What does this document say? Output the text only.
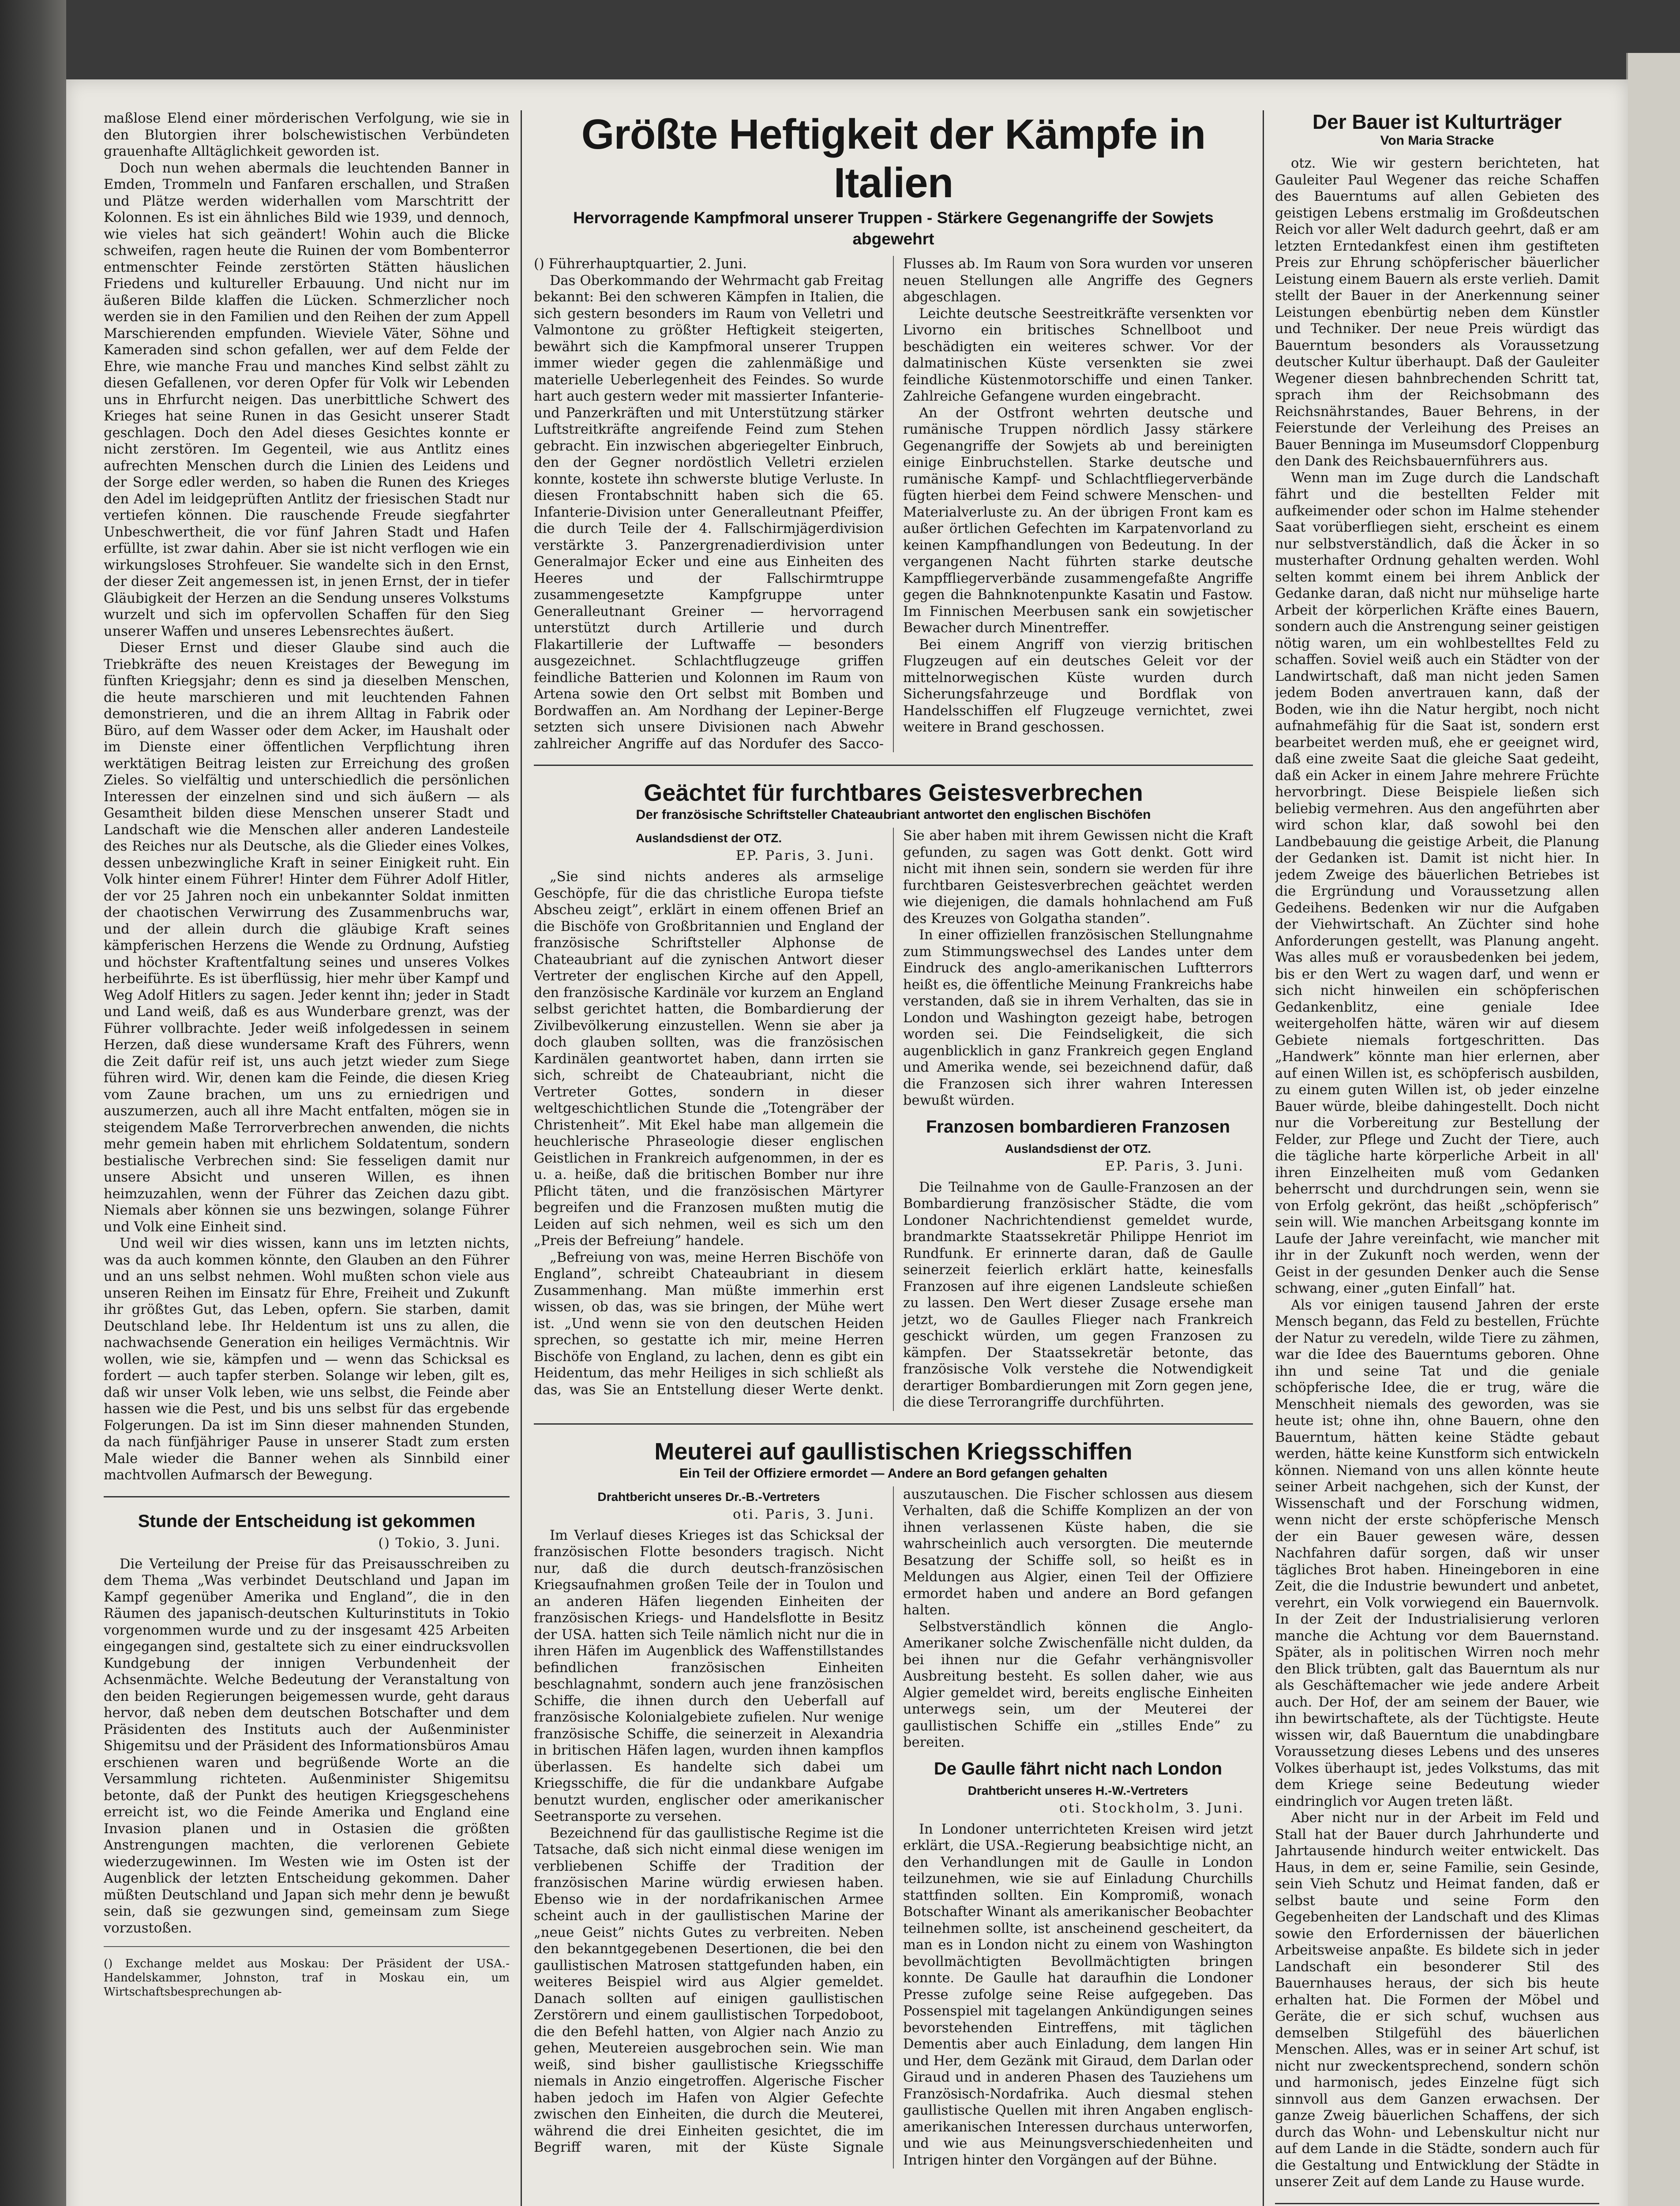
maßlose Elend einer mörderischen Verfolgung, wie sie in den Blutorgien ihrer bolschewistischen Verbündeten grauenhafte Alltäglichkeit geworden ist.

Doch nun wehen abermals die leuchtenden Banner in Emden, Trommeln und Fanfaren erschallen, und Straßen und Plätze werden widerhallen vom Marschtritt der Kolonnen. Es ist ein ähnliches Bild wie 1939, und dennoch, wie vieles hat sich geändert! Wohin auch die Blicke schweifen, ragen heute die Ruinen der vom Bombenterror entmenschter Feinde zerstörten Stätten häuslichen Friedens und kultureller Erbauung. Und nicht nur im äußeren Bilde klaffen die Lücken. Schmerzlicher noch werden sie in den Familien und den Reihen der zum Appell Marschierenden empfunden. Wieviele Väter, Söhne und Kameraden sind schon gefallen, wer auf dem Felde der Ehre, wie manche Frau und manches Kind selbst zählt zu diesen Gefallenen, vor deren Opfer für Volk wir Lebenden uns in Ehrfurcht neigen. Das unerbittliche Schwert des Krieges hat seine Runen in das Gesicht unserer Stadt geschlagen. Doch den Adel dieses Gesichtes konnte er nicht zerstören. Im Gegenteil, wie aus Antlitz eines aufrechten Menschen durch die Linien des Leidens und der Sorge edler werden, so haben die Runen des Krieges den Adel im leidgeprüften Antlitz der friesischen Stadt nur vertiefen können. Die rauschende Freude siegfahrter Unbeschwertheit, die vor fünf Jahren Stadt und Hafen erfüllte, ist zwar dahin. Aber sie ist nicht verflogen wie ein wirkungsloses Strohfeuer. Sie wandelte sich in den Ernst, der dieser Zeit angemessen ist, in jenen Ernst, der in tiefer Gläubigkeit der Herzen an die Sendung unseres Volkstums wurzelt und sich im opfervollen Schaffen für den Sieg unserer Waffen und unseres Lebensrechtes äußert.

Dieser Ernst und dieser Glaube sind auch die Triebkräfte des neuen Kreistages der Bewegung im fünften Kriegsjahr; denn es sind ja dieselben Menschen, die heute marschieren und mit leuchtenden Fahnen demonstrieren, und die an ihrem Alltag in Fabrik oder Büro, auf dem Wasser oder dem Acker, im Haushalt oder im Dienste einer öffentlichen Verpflichtung ihren werktätigen Beitrag leisten zur Erreichung des großen Zieles. So vielfältig und unterschiedlich die persönlichen Interessen der einzelnen sind und sich äußern — als Gesamtheit bilden diese Menschen unserer Stadt und Landschaft wie die Menschen aller anderen Landesteile des Reiches nur als Deutsche, als die Glieder eines Volkes, dessen unbezwingliche Kraft in seiner Einigkeit ruht. Ein Volk hinter einem Führer! Hinter dem Führer Adolf Hitler, der vor 25 Jahren noch ein unbekannter Soldat inmitten der chaotischen Verwirrung des Zusammenbruchs war, und der allein durch die gläubige Kraft seines kämpferischen Herzens die Wende zu Ordnung, Aufstieg und höchster Kraftentfaltung seines und unseres Volkes herbeiführte. Es ist überflüssig, hier mehr über Kampf und Weg Adolf Hitlers zu sagen. Jeder kennt ihn; jeder in Stadt und Land weiß, daß es aus Wunderbare grenzt, was der Führer vollbrachte. Jeder weiß infolgedessen in seinem Herzen, daß diese wundersame Kraft des Führers, wenn die Zeit dafür reif ist, uns auch jetzt wieder zum Siege führen wird. Wir, denen kam die Feinde, die diesen Krieg vom Zaune brachen, um uns zu erniedrigen und auszumerzen, auch all ihre Macht entfalten, mögen sie in steigendem Maße Terrorverbrechen anwenden, die nichts mehr gemein haben mit ehrlichem Soldatentum, sondern bestialische Verbrechen sind: Sie fesseligen damit nur unsere Absicht und unseren Willen, es ihnen heimzuzahlen, wenn der Führer das Zeichen dazu gibt. Niemals aber können sie uns bezwingen, solange Führer und Volk eine Einheit sind.

Und weil wir dies wissen, kann uns im letzten nichts, was da auch kommen könnte, den Glauben an den Führer und an uns selbst nehmen. Wohl mußten schon viele aus unseren Reihen im Einsatz für Ehre, Freiheit und Zukunft ihr größtes Gut, das Leben, opfern. Sie starben, damit Deutschland lebe. Ihr Heldentum ist uns zu allen, die nachwachsende Generation ein heiliges Vermächtnis. Wir wollen, wie sie, kämpfen und — wenn das Schicksal es fordert — auch tapfer sterben. Solange wir leben, gilt es, daß wir unser Volk leben, wie uns selbst, die Feinde aber hassen wie die Pest, und bis uns selbst für das ergebende Folgerungen. Da ist im Sinn dieser mahnenden Stunden, da nach fünfjähriger Pause in unserer Stadt zum ersten Male wieder die Banner wehen als Sinnbild einer machtvollen Aufmarsch der Bewegung.

Stunde der Entscheidung ist gekommen
() Tokio, 3. Juni.

Die Verteilung der Preise für das Preisausschreiben zu dem Thema „Was verbindet Deutschland und Japan im Kampf gegenüber Amerika und England”, die in den Räumen des japanisch-deutschen Kulturinstituts in Tokio vorgenommen wurde und zu der insgesamt 425 Arbeiten eingegangen sind, gestaltete sich zu einer eindrucksvollen Kundgebung der innigen Verbundenheit der Achsenmächte. Welche Bedeutung der Veranstaltung von den beiden Regierungen beigemessen wurde, geht daraus hervor, daß neben dem deutschen Botschafter und dem Präsidenten des Instituts auch der Außenminister Shigemitsu und der Präsident des Informationsbüros Amau erschienen waren und begrüßende Worte an die Versammlung richteten. Außenminister Shigemitsu betonte, daß der Punkt des heutigen Kriegsgeschehens erreicht ist, wo die Feinde Amerika und England eine Invasion planen und in Ostasien die größten Anstrengungen machten, die verlorenen Gebiete wiederzugewinnen. Im Westen wie im Osten ist der Augenblick der letzten Entscheidung gekommen. Daher müßten Deutschland und Japan sich mehr denn je bewußt sein, daß sie gezwungen sind, gemeinsam zum Siege vorzustoßen.

() Exchange meldet aus Moskau: Der Präsident der USA.-Handelskammer, Johnston, traf in Moskau ein, um Wirtschaftsbesprechungen ab-

Größte Heftigkeit der Kämpfe in Italien
Hervorragende Kampfmoral unserer Truppen - Stärkere Gegenangriffe der Sowjets abgewehrt

() Führerhauptquartier, 2. Juni.

Das Oberkommando der Wehrmacht gab Freitag bekannt: Bei den schweren Kämpfen in Italien, die sich gestern besonders im Raum von Velletri und Valmontone zu größter Heftigkeit steigerten, bewährt sich die Kampfmoral unserer Truppen immer wieder gegen die zahlenmäßige und materielle Ueberlegenheit des Feindes. So wurde hart auch gestern weder mit massierter Infanterie- und Panzerkräften und mit Unterstützung stärker Luftstreitkräfte angreifende Feind zum Stehen gebracht. Ein inzwischen abgeriegelter Einbruch, den der Gegner nordöstlich Velletri erzielen konnte, kostete ihn schwerste blutige Verluste. In diesen Frontabschnitt haben sich die 65. Infanterie-Division unter Generalleutnant Pfeiffer, die durch Teile der 4. Fallschirmjägerdivision verstärkte 3. Panzergrenadierdivision unter Generalmajor Ecker und eine aus Einheiten des Heeres und der Fallschirmtruppe zusammengesetzte Kampfgruppe unter Generalleutnant Greiner — hervorragend unterstützt durch Artillerie und durch Flakartillerie der Luftwaffe — besonders ausgezeichnet. Schlachtflugzeuge griffen feindliche Batterien und Kolonnen im Raum von Artena sowie den Ort selbst mit Bomben und Bordwaffen an. Am Nordhang der Lepiner-Berge setzten sich unsere Divisionen nach Abwehr zahlreicher Angriffe auf das Nordufer des Sacco-Flusses ab. Im Raum von Sora wurden vor unseren neuen Stellungen alle Angriffe des Gegners abgeschlagen.

Leichte deutsche Seestreitkräfte versenkten vor Livorno ein britisches Schnellboot und beschädigten ein weiteres schwer. Vor der dalmatinischen Küste versenkten sie zwei feindliche Küstenmotorschiffe und einen Tanker. Zahlreiche Gefangene wurden eingebracht.

An der Ostfront wehrten deutsche und rumänische Truppen nördlich Jassy stärkere Gegenangriffe der Sowjets ab und bereinigten einige Einbruchstellen. Starke deutsche und rumänische Kampf- und Schlachtfliegerverbände fügten hierbei dem Feind schwere Menschen- und Materialverluste zu. An der übrigen Front kam es außer örtlichen Gefechten im Karpatenvorland zu keinen Kampfhandlungen von Bedeutung. In der vergangenen Nacht führten starke deutsche Kampffliegerverbände zusammengefaßte Angriffe gegen die Bahnknotenpunkte Kasatin und Fastow. Im Finnischen Meerbusen sank ein sowjetischer Bewacher durch Minentreffer.

Bei einem Angriff von vierzig britischen Flugzeugen auf ein deutsches Geleit vor der mittelnorwegischen Küste wurden durch Sicherungsfahrzeuge und Bordflak von Handelsschiffen elf Flugzeuge vernichtet, zwei weitere in Brand geschossen.

Geächtet für furchtbares Geistesverbrechen
Der französische Schriftsteller Chateaubriant antwortet den englischen Bischöfen
Auslandsdienst der OTZ.
EP. Paris, 3. Juni.

„Sie sind nichts anderes als armselige Geschöpfe, für die das christliche Europa tiefste Abscheu zeigt”, erklärt in einem offenen Brief an die Bischöfe von Großbritannien und England der französische Schriftsteller Alphonse de Chateaubriant auf die zynischen Antwort dieser Vertreter der englischen Kirche auf den Appell, den französische Kardinäle vor kurzem an England selbst gerichtet hatten, die Bombardierung der Zivilbevölkerung einzustellen. Wenn sie aber ja doch glauben sollten, was die französischen Kardinälen geantwortet haben, dann irrten sie sich, schreibt de Chateaubriant, nicht die Vertreter Gottes, sondern in dieser weltgeschichtlichen Stunde die „Totengräber der Christenheit”. Mit Ekel habe man allgemein die heuchlerische Phraseologie dieser englischen Geistlichen in Frankreich aufgenommen, in der es u. a. heiße, daß die britischen Bomber nur ihre Pflicht täten, und die französischen Märtyrer begreifen und die Franzosen mußten mutig die Leiden auf sich nehmen, weil es sich um den „Preis der Befreiung” handele.

„Befreiung von was, meine Herren Bischöfe von England”, schreibt Chateaubriant in diesem Zusammenhang. Man müßte immerhin erst wissen, ob das, was sie bringen, der Mühe wert ist. „Und wenn sie von den deutschen Heiden sprechen, so gestatte ich mir, meine Herren Bischöfe von England, zu lachen, denn es gibt ein Heidentum, das mehr Heiliges in sich schließt als das, was Sie an Entstellung dieser Werte denkt. Sie aber haben mit ihrem Gewissen nicht die Kraft gefunden, zu sagen was Gott denkt. Gott wird nicht mit ihnen sein, sondern sie werden für ihre furchtbaren Geistesverbrechen geächtet werden wie diejenigen, die damals hohnlachend am Fuß des Kreuzes von Golgatha standen”.

In einer offiziellen französischen Stellungnahme zum Stimmungswechsel des Landes unter dem Eindruck des anglo-amerikanischen Luftterrors heißt es, die öffentliche Meinung Frankreichs habe verstanden, daß sie in ihrem Verhalten, das sie in London und Washington gezeigt habe, betrogen worden sei. Die Feindseligkeit, die sich augenblicklich in ganz Frankreich gegen England und Amerika wende, sei bezeichnend dafür, daß die Franzosen sich ihrer wahren Interessen bewußt würden.

Franzosen bombardieren Franzosen
Auslandsdienst der OTZ.
EP. Paris, 3. Juni.

Die Teilnahme von de Gaulle-Franzosen an der Bombardierung französischer Städte, die vom Londoner Nachrichtendienst gemeldet wurde, brandmarkte Staatssekretär Philippe Henriot im Rundfunk. Er erinnerte daran, daß de Gaulle seinerzeit feierlich erklärt hatte, keinesfalls Franzosen auf ihre eigenen Landsleute schießen zu lassen. Den Wert dieser Zusage ersehe man jetzt, wo de Gaulles Flieger nach Frankreich geschickt würden, um gegen Franzosen zu kämpfen. Der Staatssekretär betonte, das französische Volk verstehe die Notwendigkeit derartiger Bombardierungen mit Zorn gegen jene, die diese Terrorangriffe durchführten.

Meuterei auf gaullistischen Kriegsschiffen
Ein Teil der Offiziere ermordet — Andere an Bord gefangen gehalten
Drahtbericht unseres Dr.-B.-Vertreters
oti. Paris, 3. Juni.

Im Verlauf dieses Krieges ist das Schicksal der französischen Flotte besonders tragisch. Nicht nur, daß die durch deutsch-französischen Kriegsaufnahmen großen Teile der in Toulon und an anderen Häfen liegenden Einheiten der französischen Kriegs- und Handelsflotte in Besitz der USA. hatten sich Teile nämlich nicht nur die in ihren Häfen im Augenblick des Waffenstillstandes befindlichen französischen Einheiten beschlagnahmt, sondern auch jene französischen Schiffe, die ihnen durch den Ueberfall auf französische Kolonialgebiete zufielen. Nur wenige französische Schiffe, die seinerzeit in Alexandria in britischen Häfen lagen, wurden ihnen kampflos überlassen. Es handelte sich dabei um Kriegsschiffe, die für die undankbare Aufgabe benutzt wurden, englischer oder amerikanischer Seetransporte zu versehen.

Bezeichnend für das gaullistische Regime ist die Tatsache, daß sich nicht einmal diese wenigen im verbliebenen Schiffe der Tradition der französischen Marine würdig erwiesen haben. Ebenso wie in der nordafrikanischen Armee scheint auch in der gaullistischen Marine der „neue Geist” nichts Gutes zu verbreiten. Neben den bekanntgegebenen Desertionen, die bei den gaullistischen Matrosen stattgefunden haben, ein weiteres Beispiel wird aus Algier gemeldet. Danach sollten auf einigen gaullistischen Zerstörern und einem gaullistischen Torpedoboot, die den Befehl hatten, von Algier nach Anzio zu gehen, Meutereien ausgebrochen sein. Wie man weiß, sind bisher gaullistische Kriegsschiffe niemals in Anzio eingetroffen. Algerische Fischer haben jedoch im Hafen von Algier Gefechte zwischen den Einheiten, die durch die Meuterei, während die drei Einheiten gesichtet, die im Begriff waren, mit der Küste Signale auszutauschen. Die Fischer schlossen aus diesem Verhalten, daß die Schiffe Komplizen an der von ihnen verlassenen Küste haben, die sie wahrscheinlich auch versorgten. Die meuternde Besatzung der Schiffe soll, so heißt es in Meldungen aus Algier, einen Teil der Offiziere ermordet haben und andere an Bord gefangen halten.

Selbstverständlich können die Anglo-Amerikaner solche Zwischenfälle nicht dulden, da bei ihnen nur die Gefahr verhängnisvoller Ausbreitung besteht. Es sollen daher, wie aus Algier gemeldet wird, bereits englische Einheiten unterwegs sein, um der Meuterei der gaullistischen Schiffe ein „stilles Ende” zu bereiten.

De Gaulle fährt nicht nach London
Drahtbericht unseres H.-W.-Vertreters
oti. Stockholm, 3. Juni.

In Londoner unterrichteten Kreisen wird jetzt erklärt, die USA.-Regierung beabsichtige nicht, an den Verhandlungen mit de Gaulle in London teilzunehmen, wie sie auf Einladung Churchills stattfinden sollten. Ein Kompromiß, wonach Botschafter Winant als amerikanischer Beobachter teilnehmen sollte, ist anscheinend gescheitert, da man es in London nicht zu einem von Washington bevollmächtigten Bevollmächtigten bringen konnte. De Gaulle hat daraufhin die Londoner Presse zufolge seine Reise aufgegeben. Das Possenspiel mit tagelangen Ankündigungen seines bevorstehenden Eintreffens, mit täglichen Dementis aber auch Einladung, dem langen Hin und Her, dem Gezänk mit Giraud, dem Darlan oder Giraud und in anderen Phasen des Tauziehens um Französisch-Nordafrika. Auch diesmal stehen gaullistische Quellen mit ihren Angaben englisch-amerikanischen Interessen durchaus unterworfen, und wie aus Meinungsverschiedenheiten und Intrigen hinter den Vorgängen auf der Bühne.

Der Bauer ist Kulturträger
Von Maria Stracke

otz. Wie wir gestern berichteten, hat Gauleiter Paul Wegener das reiche Schaffen des Bauerntums auf allen Gebieten des geistigen Lebens erstmalig im Großdeutschen Reich vor aller Welt dadurch geehrt, daß er am letzten Erntedankfest einen ihm gestifteten Preis zur Ehrung schöpferischer bäuerlicher Leistung einem Bauern als erste verlieh. Damit stellt der Bauer in der Anerkennung seiner Leistungen ebenbürtig neben dem Künstler und Techniker. Der neue Preis würdigt das Bauerntum besonders als Voraussetzung deutscher Kultur überhaupt. Daß der Gauleiter Wegener diesen bahnbrechenden Schritt tat, sprach ihm der Reichsobmann des Reichsnährstandes, Bauer Behrens, in der Feierstunde der Verleihung des Preises an Bauer Benninga im Museumsdorf Cloppenburg den Dank des Reichsbauernführers aus.

Wenn man im Zuge durch die Landschaft fährt und die bestellten Felder mit aufkeimender oder schon im Halme stehender Saat vorüberfliegen sieht, erscheint es einem nur selbstverständlich, daß die Äcker in so musterhafter Ordnung gehalten werden. Wohl selten kommt einem bei ihrem Anblick der Gedanke daran, daß nicht nur mühselige harte Arbeit der körperlichen Kräfte eines Bauern, sondern auch die Anstrengung seiner geistigen nötig waren, um ein wohlbestelltes Feld zu schaffen. Soviel weiß auch ein Städter von der Landwirtschaft, daß man nicht jeden Samen jedem Boden anvertrauen kann, daß der Boden, wie ihn die Natur hergibt, noch nicht aufnahmefähig für die Saat ist, sondern erst bearbeitet werden muß, ehe er geeignet wird, daß eine zweite Saat die gleiche Saat gedeiht, daß ein Acker in einem Jahre mehrere Früchte hervorbringt. Diese Beispiele ließen sich beliebig vermehren. Aus den angeführten aber wird schon klar, daß sowohl bei den Landbebauung die geistige Arbeit, die Planung der Gedanken ist. Damit ist nicht hier. In jedem Zweige des bäuerlichen Betriebes ist die Ergründung und Voraussetzung allen Gedeihens. Bedenken wir nur die Aufgaben der Viehwirtschaft. An Züchter sind hohe Anforderungen gestellt, was Planung angeht. Was alles muß er vorausbedenken bei jedem, bis er den Wert zu wagen darf, und wenn er sich nicht hinweilen ein schöpferischen Gedankenblitz, eine geniale Idee weitergeholfen hätte, wären wir auf diesem Gebiete niemals fortgeschritten. Das „Handwerk” könnte man hier erlernen, aber auf einen Willen ist, es schöpferisch ausbilden, zu einem guten Willen ist, ob jeder einzelne Bauer würde, bleibe dahingestellt. Doch nicht nur die Vorbereitung zur Bestellung der Felder, zur Pflege und Zucht der Tiere, auch die tägliche harte körperliche Arbeit in all' ihren Einzelheiten muß vom Gedanken beherrscht und durchdrungen sein, wenn sie von Erfolg gekrönt, das heißt „schöpferisch” sein will. Wie manchen Arbeitsgang konnte im Laufe der Jahre vereinfacht, wie mancher mit ihr in der Zukunft noch werden, wenn der Geist in der gesunden Denker auch die Sense schwang, einer „guten Einfall” hat.

Als vor einigen tausend Jahren der erste Mensch begann, das Feld zu bestellen, Früchte der Natur zu veredeln, wilde Tiere zu zähmen, war die Idee des Bauerntums geboren. Ohne ihn und seine Tat und die geniale schöpferische Idee, die er trug, wäre die Menschheit niemals des geworden, was sie heute ist; ohne ihn, ohne Bauern, ohne den Bauerntum, hätten keine Städte gebaut werden, hätte keine Kunstform sich entwickeln können. Niemand von uns allen könnte heute seiner Arbeit nachgehen, sich der Kunst, der Wissenschaft und der Forschung widmen, wenn nicht der erste schöpferische Mensch der ein Bauer gewesen wäre, dessen Nachfahren dafür sorgen, daß wir unser tägliches Brot haben. Hineingeboren in eine Zeit, die die Industrie bewundert und anbetet, verehrt, ein Volk vorwiegend ein Bauernvolk. In der Zeit der Industrialisierung verloren manche die Achtung vor dem Bauernstand. Später, als in politischen Wirren noch mehr den Blick trübten, galt das Bauerntum als nur als Geschäftemacher wie jede andere Arbeit auch. Der Hof, der am seinem der Bauer, wie ihn bewirtschaftete, als der Tüchtigste. Heute wissen wir, daß Bauerntum die unabdingbare Voraussetzung dieses Lebens und des unseres Volkes überhaupt ist, jedes Volkstums, das mit dem Kriege seine Bedeutung wieder eindringlich vor Augen treten läßt.

Aber nicht nur in der Arbeit im Feld und Stall hat der Bauer durch Jahrhunderte und Jahrtausende hindurch weiter entwickelt. Das Haus, in dem er, seine Familie, sein Gesinde, sein Vieh Schutz und Heimat fanden, daß er selbst baute und seine Form den Gegebenheiten der Landschaft und des Klimas sowie den Erfordernissen der bäuerlichen Arbeitsweise anpaßte. Es bildete sich in jeder Landschaft ein besonderer Stil des Bauernhauses heraus, der sich bis heute erhalten hat. Die Formen der Möbel und Geräte, die er sich schuf, wuchsen aus demselben Stilgefühl des bäuerlichen Menschen. Alles, was er in seiner Art schuf, ist nicht nur zweckentsprechend, sondern schön und harmonisch, jedes Einzelne fügt sich sinnvoll aus dem Ganzen erwachsen. Der ganze Zweig bäuerlichen Schaffens, der sich durch das Wohn- und Lebenskultur nicht nur auf dem Lande in die Städte, sondern auch für die Gestaltung und Entwicklung der Städte in unserer Zeit auf dem Lande zu Hause wurde.
